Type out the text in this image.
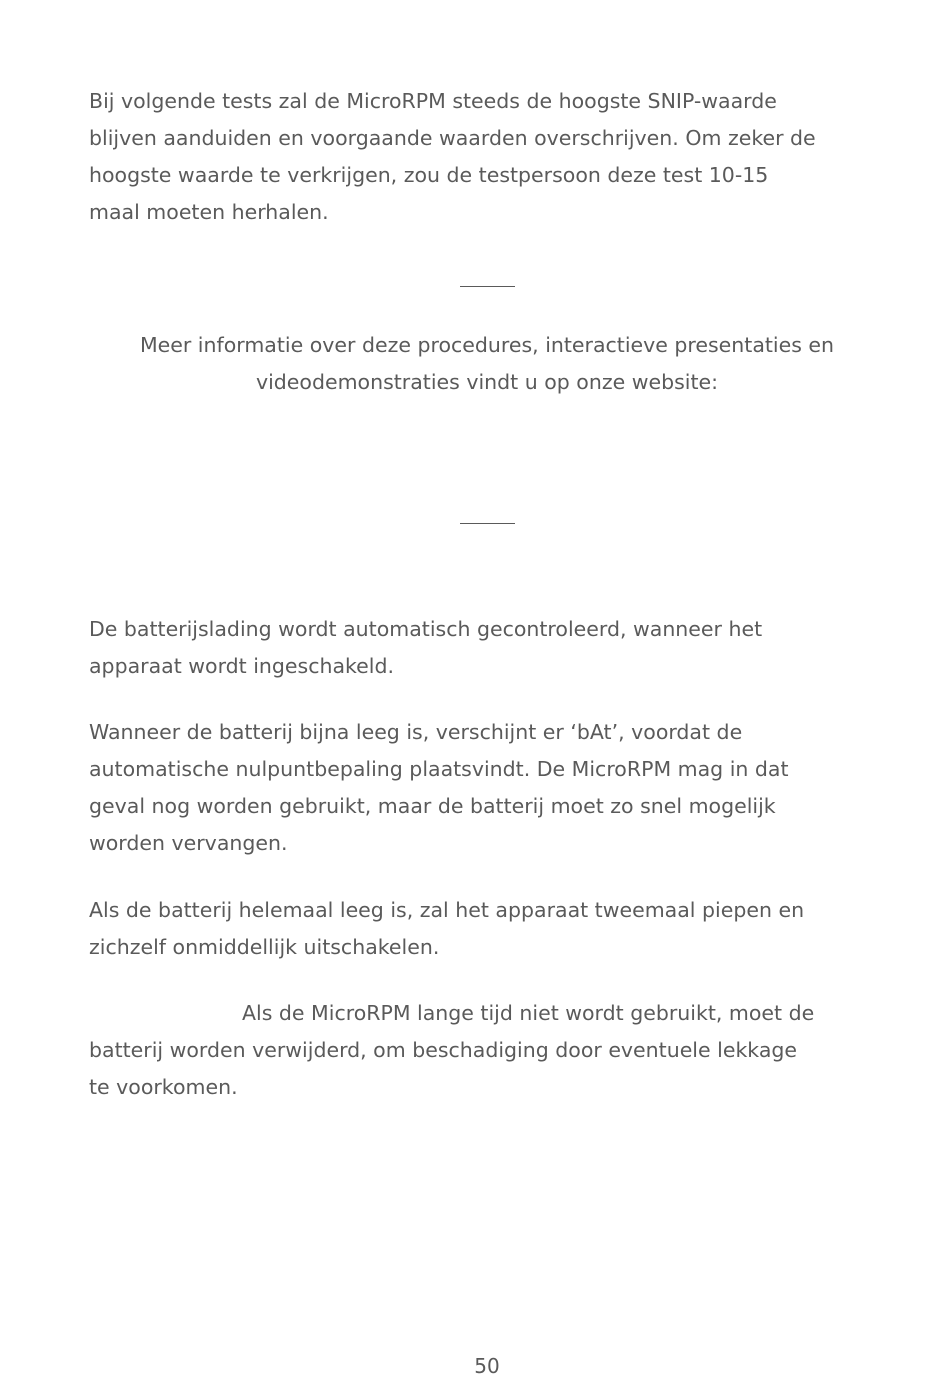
Bij volgende tests zal de MicroRPM steeds de hoogste SNIP-waarde
blijven aanduiden en voorgaande waarden overschrijven. Om zeker de
hoogste waarde te verkrijgen, zou de testpersoon deze test 10-15
maal moeten herhalen.

Meer informatie over deze procedures, interactieve presentaties en
videodemonstraties vindt u op onze website:

De batterijslading wordt automatisch gecontroleerd, wanneer het
apparaat wordt ingeschakeld.

Wanneer de batterij bijna leeg is, verschijnt er ‘bAt’, voordat de
automatische nulpuntbepaling plaatsvindt. De MicroRPM mag in dat
geval nog worden gebruikt, maar de batterij moet zo snel mogelijk
worden vervangen.

Als de batterij helemaal leeg is, zal het apparaat tweemaal piepen en
zichzelf onmiddellijk uitschakelen.

Als de MicroRPM lange tijd niet wordt gebruikt, moet de
batterij worden verwijderd, om beschadiging door eventuele lekkage
te voorkomen.

50
